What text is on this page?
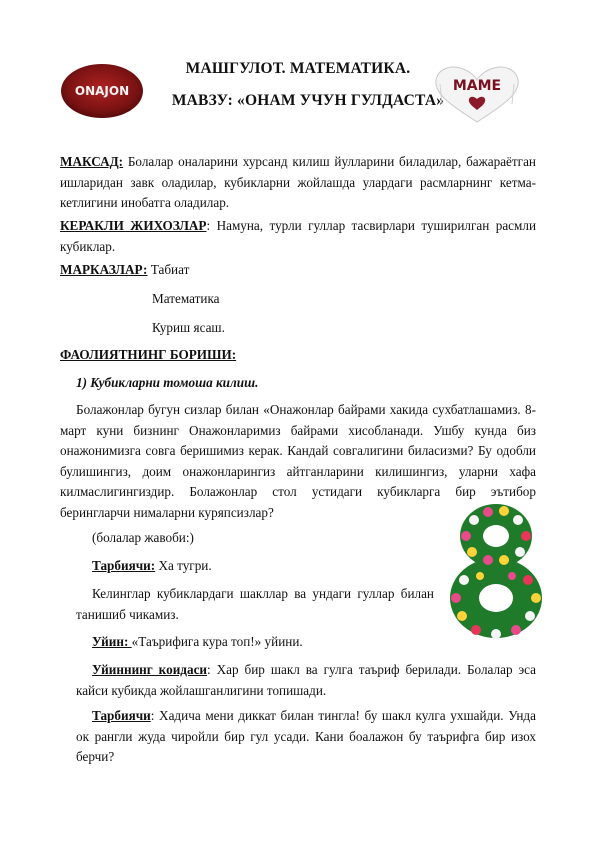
МАШГУЛОТ. МАТЕМАТИКА.
МАВЗУ: «ОНАМ УЧУН ГУЛДАСТА»
ONAJON	MAME
МАКСАД: Болалар оналарини хурсанд килиш йулларини биладилар, бажараётган ишларидан завк оладилар, кубикларни жойлашда улардаги расмларнинг кетма-кетлигини инобатга оладилар.
КЕРАКЛИ ЖИХОЗЛАР: Намуна, турли гуллар тасвирлари туширилган расмли кубиклар.
МАРКАЗЛАР: Табиат
Математика
Куриш ясаш.
ФАОЛИЯТНИНГ БОРИШИ:
1) Кубикларни томоша килиш.
Болажонлар бугун сизлар билан «Онажонлар байрами хакида сухбатлашамиз. 8-март куни бизнинг Онажонларимиз байрами хисобланади. Ушбу кунда биз онажонимизга совга беришимиз керак. Кандай совгалигини биласизми? Бу одобли булишингиз, доим онажонларингиз айтганларини килишингиз, уларни хафа килмаслигингиздир. Болажонлар стол устидаги кубикларга бир эътибор берингларчи нималарни куряпсизлар?
(болалар жавоби:)
Тарбиячи: Ха тугри.
Келинглар кубиклардаги шакллар ва ундаги гуллар билан танишиб чикамиз.
Уйин: «Таърифига кура топ!» уйини.
Уйиннинг коидаси: Хар бир шакл ва гулга таъриф берилади. Болалар эса кайси кубикда жойлашганлигини топишади.
Тарбиячи: Хадича мени диккат билан тингла! бу шакл кулга ухшайди. Унда ок рангли жуда чиройли бир гул усади. Кани боалажон бу таърифга бир изох берчи?
